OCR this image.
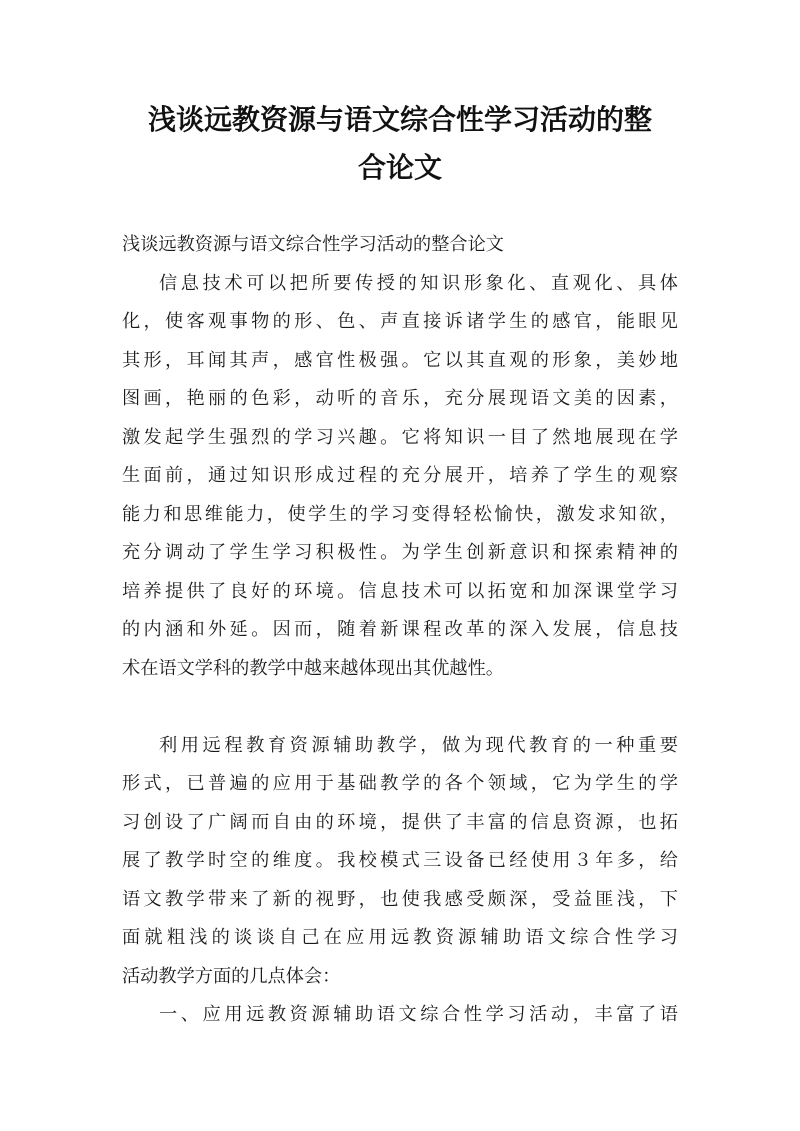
浅谈远教资源与语文综合性学习活动的整
合论文
浅谈远教资源与语文综合性学习活动的整合论文
信息技术可以把所要传授的知识形象化、直观化、具体
化，使客观事物的形、色、声直接诉诸学生的感官，能眼见
其形，耳闻其声，感官性极强。它以其直观的形象，美妙地
图画，艳丽的色彩，动听的音乐，充分展现语文美的因素，
激发起学生强烈的学习兴趣。它将知识一目了然地展现在学
生面前，通过知识形成过程的充分展开，培养了学生的观察
能力和思维能力，使学生的学习变得轻松愉快，激发求知欲，
充分调动了学生学习积极性。为学生创新意识和探索精神的
培养提供了良好的环境。信息技术可以拓宽和加深课堂学习
的内涵和外延。因而，随着新课程改革的深入发展，信息技
术在语文学科的教学中越来越体现出其优越性。
利用远程教育资源辅助教学，做为现代教育的一种重要
形式，已普遍的应用于基础教学的各个领域，它为学生的学
习创设了广阔而自由的环境，提供了丰富的信息资源，也拓
展了教学时空的维度。我校模式三设备已经使用３年多，给
语文教学带来了新的视野，也使我感受颇深，受益匪浅，下
面就粗浅的谈谈自己在应用远教资源辅助语文综合性学习
活动教学方面的几点体会：
一、应用远教资源辅助语文综合性学习活动，丰富了语
